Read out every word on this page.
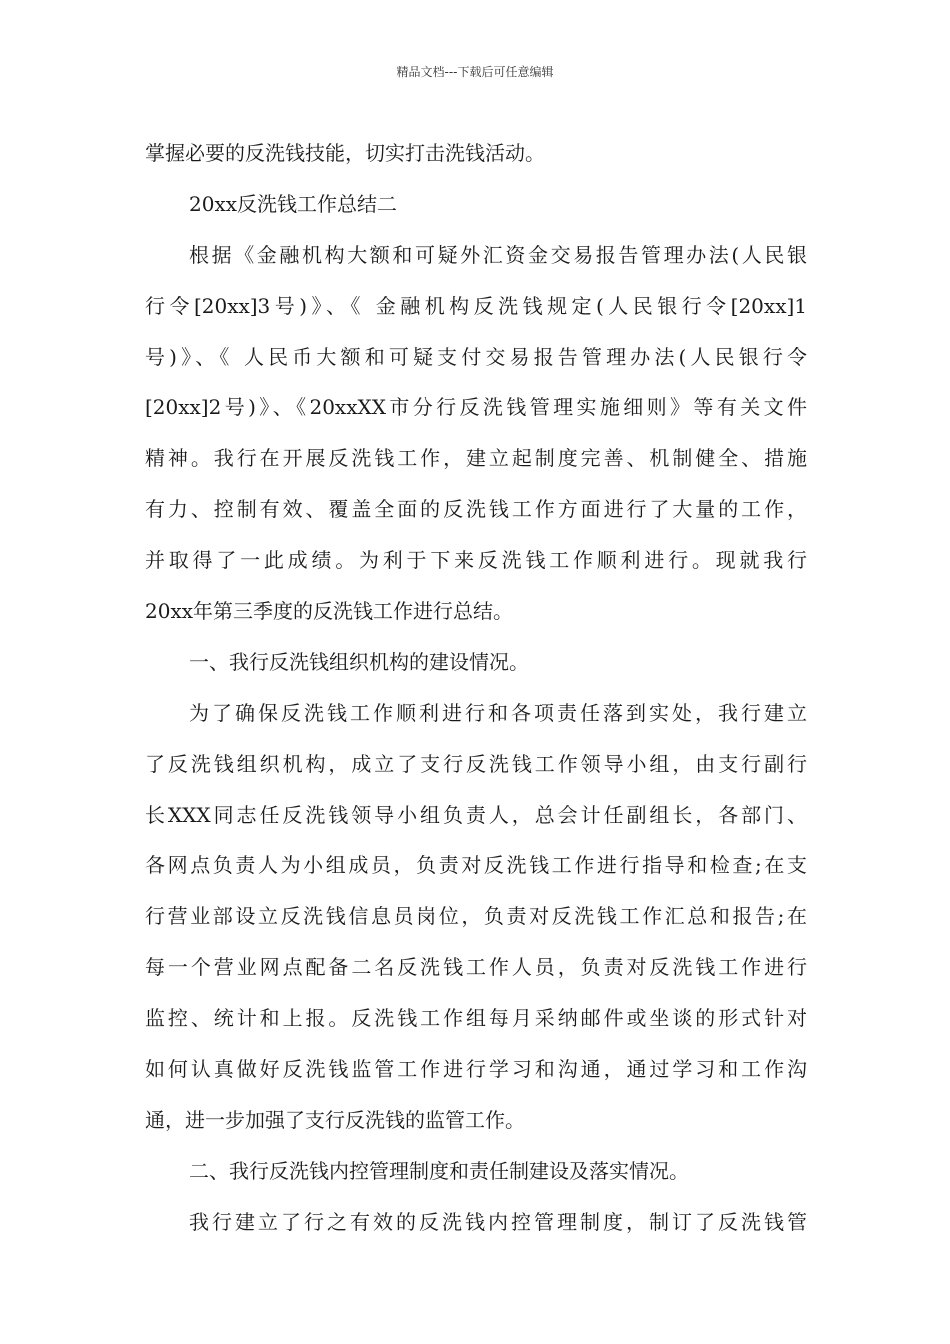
精品文档---下载后可任意编辑
掌握必要的反洗钱技能，切实打击洗钱活动。
20xx反洗钱工作总结二
根据《金融机构大额和可疑外汇资金交易报告管理办法(人民银
行令[20xx]3号)》、《 金融机构反洗钱规定(人民银行令[20xx]1
号)》、《 人民币大额和可疑支付交易报告管理办法(人民银行令
[20xx]2号)》、《20xxXX市分行反洗钱管理实施细则》等有关文件
精神。我行在开展反洗钱工作，建立起制度完善、机制健全、措施
有力、控制有效、覆盖全面的反洗钱工作方面进行了大量的工作，
并取得了一此成绩。为利于下来反洗钱工作顺利进行。现就我行
20xx年第三季度的反洗钱工作进行总结。
一、我行反洗钱组织机构的建设情况。
为了确保反洗钱工作顺利进行和各项责任落到实处，我行建立
了反洗钱组织机构，成立了支行反洗钱工作领导小组，由支行副行
长XXX同志任反洗钱领导小组负责人，总会计任副组长，各部门、
各网点负责人为小组成员，负责对反洗钱工作进行指导和检查;在支
行营业部设立反洗钱信息员岗位，负责对反洗钱工作汇总和报告;在
每一个营业网点配备二名反洗钱工作人员，负责对反洗钱工作进行
监控、统计和上报。反洗钱工作组每月采纳邮件或坐谈的形式针对
如何认真做好反洗钱监管工作进行学习和沟通，通过学习和工作沟
通，进一步加强了支行反洗钱的监管工作。
二、我行反洗钱内控管理制度和责任制建设及落实情况。
我行建立了行之有效的反洗钱内控管理制度，制订了反洗钱管
